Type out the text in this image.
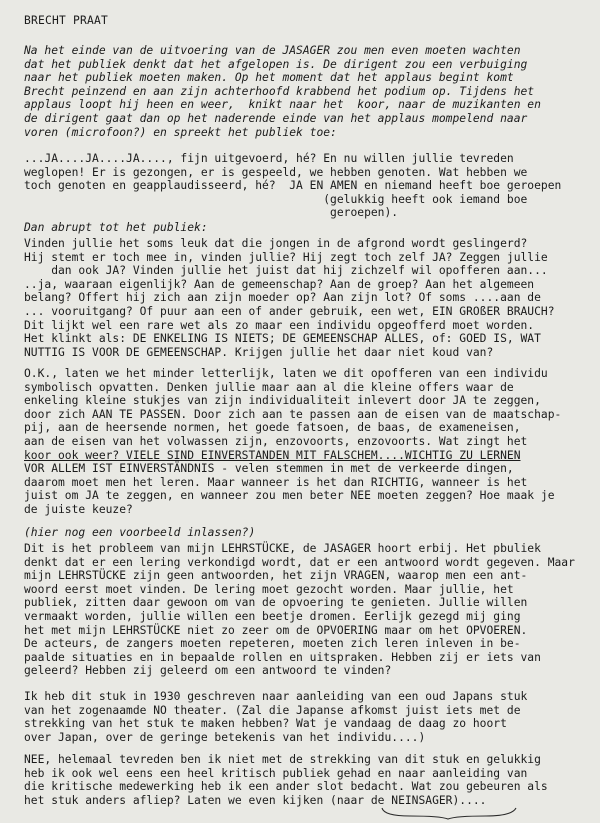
BRECHT PRAAT
Na het einde van de uitvoering van de JASAGER zou men even moeten wachten
dat het publiek denkt dat het afgelopen is. De dirigent zou een verbuiging
naar het publiek moeten maken. Op het moment dat het applaus begint komt
Brecht peinzend en aan zijn achterhoofd krabbend het podium op. Tijdens het
applaus loopt hij heen en weer,  knikt naar het  koor, naar de muzikanten en
de dirigent gaat dan op het naderende einde van het applaus mompelend naar
voren (microfoon?) en spreekt het publiek toe:
...JA....JA....JA...., fijn uitgevoerd, hé? En nu willen jullie tevreden
weglopen! Er is gezongen, er is gespeeld, we hebben genoten. Wat hebben we
toch genoten en geapplaudisseerd, hé?  JA EN AMEN en niemand heeft boe geroepen
(gelukkig heeft ook iemand boe
geroepen).
Dan abrupt tot het publiek:
Vinden jullie het soms leuk dat die jongen in de afgrond wordt geslingerd?
Hij stemt er toch mee in, vinden jullie? Hij zegt toch zelf JA? Zeggen jullie
dan ook JA? Vinden jullie het juist dat hij zichzelf wil opofferen aan...
..ja, waaraan eigenlijk? Aan de gemeenschap? Aan de groep? Aan het algemeen
belang? Offert hij zich aan zijn moeder op? Aan zijn lot? Of soms ....aan de
... vooruitgang? Of puur aan een of ander gebruik, een wet, EIN GROßER BRAUCH?
Dit lijkt wel een rare wet als zo maar een individu opgeofferd moet worden.
Het klinkt als: DE ENKELING IS NIETS; DE GEMEENSCHAP ALLES, of: GOED IS, WAT
NUTTIG IS VOOR DE GEMEENSCHAP. Krijgen jullie het daar niet koud van?
O.K., laten we het minder letterlijk, laten we dit opofferen van een individu
symbolisch opvatten. Denken jullie maar aan al die kleine offers waar de
enkeling kleine stukjes van zijn individualiteit inlevert door JA te zeggen,
door zich AAN TE PASSEN. Door zich aan te passen aan de eisen van de maatschap-
pij, aan de heersende normen, het goede fatsoen, de baas, de exameneisen,
aan de eisen van het volwassen zijn, enzovoorts, enzovoorts. Wat zingt het
koor ook weer? VIELE SIND EINVERSTANDEN MIT FALSCHEM....WICHTIG ZU LERNEN
VOR ALLEM IST EINVERSTÄNDNIS - velen stemmen in met de verkeerde dingen,
daarom moet men het leren. Maar wanneer is het dan RICHTIG, wanneer is het
juist om JA te zeggen, en wanneer zou men beter NEE moeten zeggen? Hoe maak je
de juiste keuze?
(hier nog een voorbeeld inlassen?)
Dit is het probleem van mijn LEHRSTÜCKE, de JASAGER hoort erbij. Het pbuliek
denkt dat er een lering verkondigd wordt, dat er een antwoord wordt gegeven. Maar
mijn LEHRSTÜCKE zijn geen antwoorden, het zijn VRAGEN, waarop men een ant-
woord eerst moet vinden. De lering moet gezocht worden. Maar jullie, het
publiek, zitten daar gewoon om van de opvoering te genieten. Jullie willen
vermaakt worden, jullie willen een beetje dromen. Eerlijk gezegd mij ging
het met mijn LEHRSTÜCKE niet zo zeer om de OPVOERING maar om het OPVOEREN.
De acteurs, de zangers moeten repeteren, moeten zich leren inleven in be-
paalde situaties en in bepaalde rollen en uitspraken. Hebben zij er iets van
geleerd? Hebben zij geleerd om een antwoord te vinden?
Ik heb dit stuk in 1930 geschreven naar aanleiding van een oud Japans stuk
van het zogenaamde NO theater. (Zal die Japanse afkomst juist iets met de
strekking van het stuk te maken hebben? Wat je vandaag de daag zo hoort
over Japan, over de geringe betekenis van het individu....)
NEE, helemaal tevreden ben ik niet met de strekking van dit stuk en gelukkig
heb ik ook wel eens een heel kritisch publiek gehad en naar aanleiding van
die kritische medewerking heb ik een ander slot bedacht. Wat zou gebeuren als
het stuk anders afliep? Laten we even kijken (naar de NEINSAGER)....
